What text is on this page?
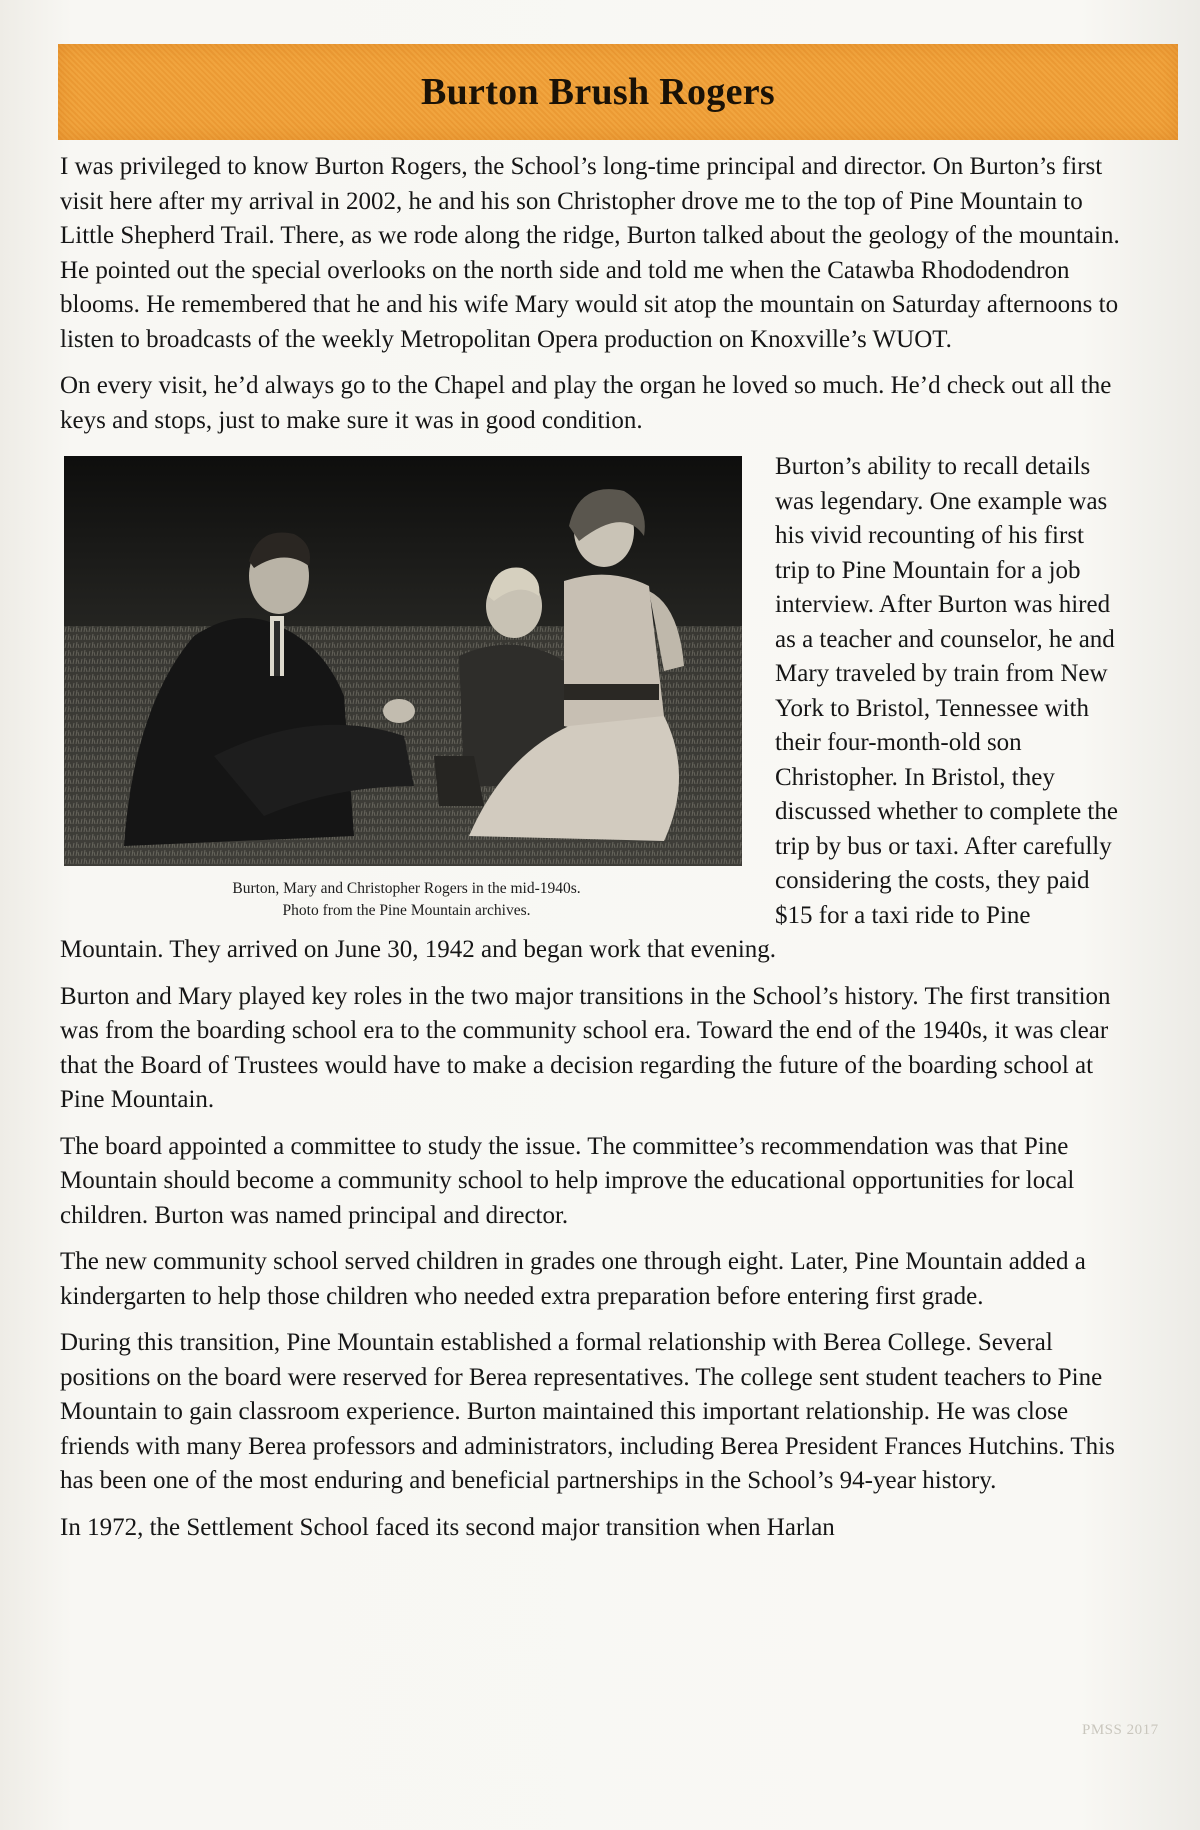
Burton Brush Rogers

I was privileged to know Burton Rogers, the School’s long-time principal and director. On Burton’s first visit here after my arrival in 2002, he and his son Christopher drove me to the top of Pine Mountain to Little Shepherd Trail. There, as we rode along the ridge, Burton talked about the geology of the mountain. He pointed out the special overlooks on the north side and told me when the Catawba Rhododendron blooms. He remembered that he and his wife Mary would sit atop the mountain on Saturday afternoons to listen to broadcasts of the weekly Metropolitan Opera production on Knoxville’s WUOT.

On every visit, he’d always go to the Chapel and play the organ he loved so much. He’d check out all the keys and stops, just to make sure it was in good condition.

Burton, Mary and Christopher Rogers in the mid-1940s.
Photo from the Pine Mountain archives.

Burton’s ability to recall details was legendary. One example was his vivid recounting of his first trip to Pine Mountain for a job interview. After Burton was hired as a teacher and counselor, he and Mary traveled by train from New York to Bristol, Tennessee with their four-month-old son Christopher. In Bristol, they discussed whether to complete the trip by bus or taxi. After carefully considering the costs, they paid $15 for a taxi ride to Pine Mountain. They arrived on June 30, 1942 and began work that evening.

Burton and Mary played key roles in the two major transitions in the School’s history. The first transition was from the boarding school era to the community school era. Toward the end of the 1940s, it was clear that the Board of Trustees would have to make a decision regarding the future of the boarding school at Pine Mountain.

The board appointed a committee to study the issue. The committee’s recommendation was that Pine Mountain should become a community school to help improve the educational opportunities for local children. Burton was named principal and director.

The new community school served children in grades one through eight. Later, Pine Mountain added a kindergarten to help those children who needed extra preparation before entering first grade.

During this transition, Pine Mountain established a formal relationship with Berea College. Several positions on the board were reserved for Berea representatives. The college sent student teachers to Pine Mountain to gain classroom experience. Burton maintained this important relationship. He was close friends with many Berea professors and administrators, including Berea President Frances Hutchins. This has been one of the most enduring and beneficial partnerships in the School’s 94-year history.

In 1972, the Settlement School faced its second major transition when Harlan

PMSS 2017
